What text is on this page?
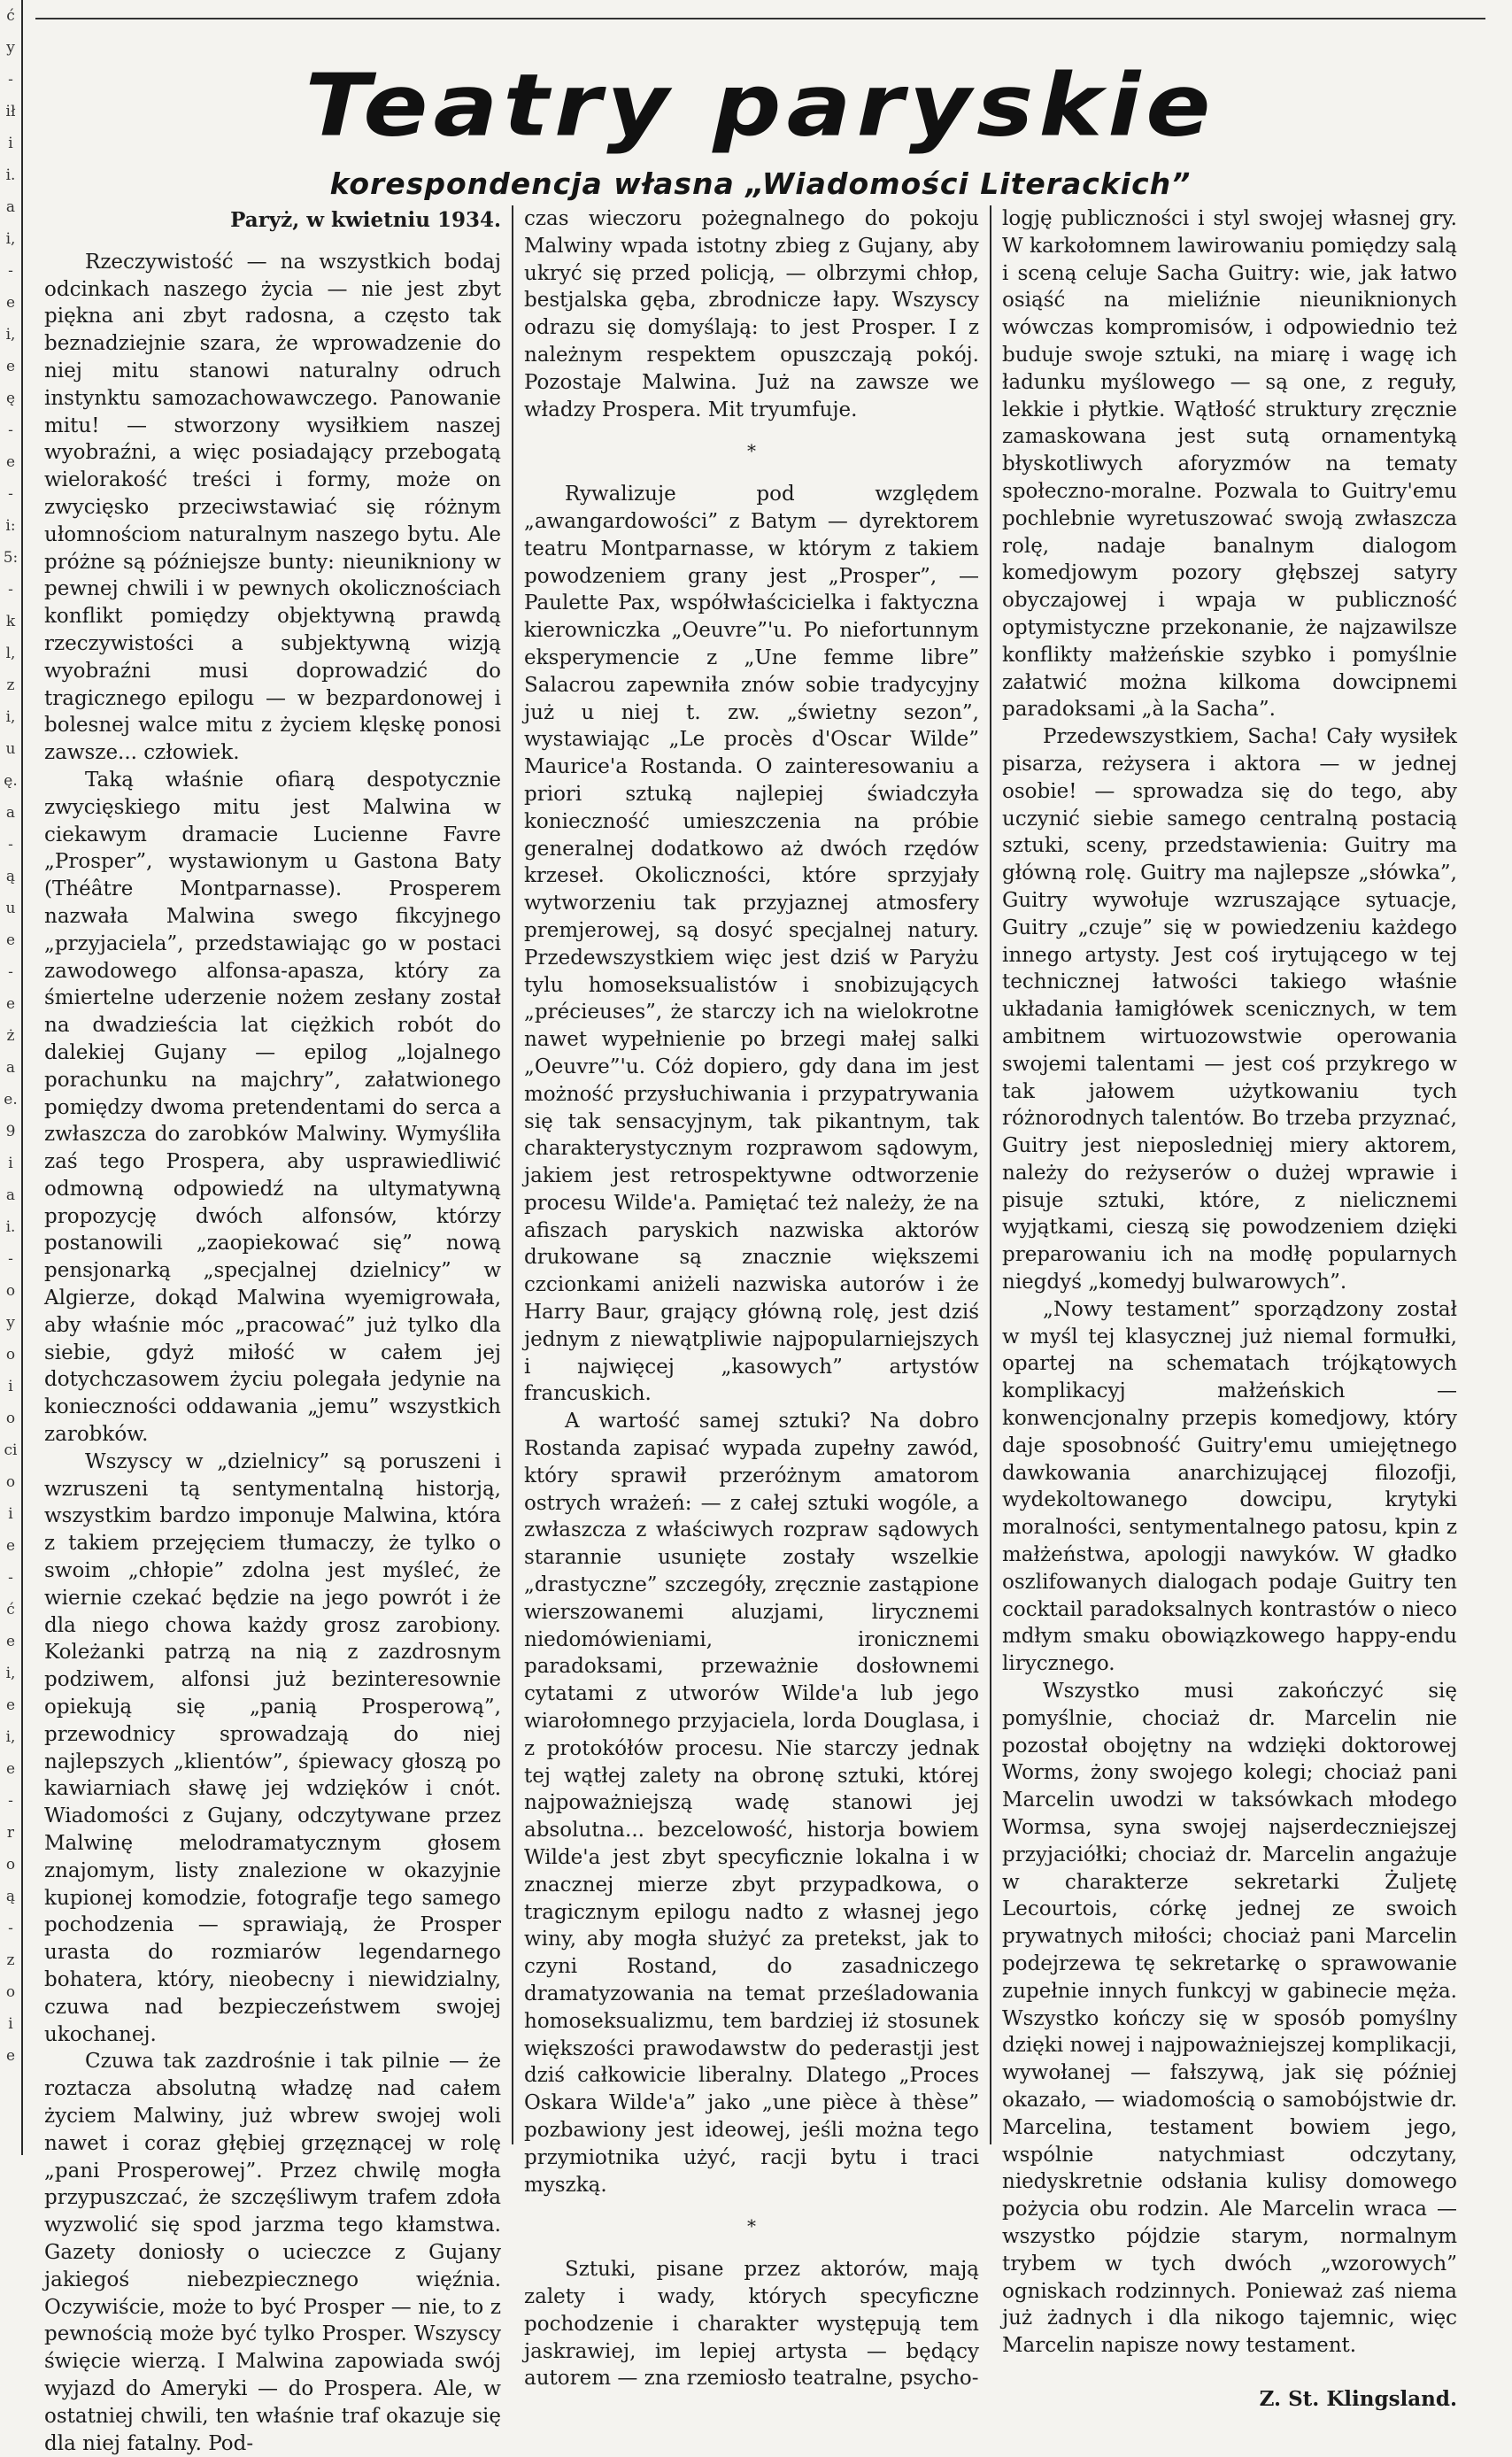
ć
y
-
ił
i
i.
a
i,
-
e
i,
e
ę
-
e
-
i:
5:
-
k
l,
z
i,
u
ę.
a
-
ą
u
e
-
e
ż
a
e.
9
i
a
i.
-
o
y
o
i
o
ci
o
i
e
-
ć
e
i,
e
i,
e
-
r
o
ą
-
z
o
i
e
Teatry paryskie
korespondencja własna „Wiadomości Literackich”
Paryż, w kwietniu 1934.

Rzeczywistość — na wszystkich bodaj odcinkach naszego życia — nie jest zbyt piękna ani zbyt radosna, a często tak beznadziejnie szara, że wprowadzenie do niej mitu stanowi naturalny odruch instynktu samozachowawczego. Panowanie mitu! — stworzony wysiłkiem naszej wyobraźni, a więc posiadający przebogatą wielorakość treści i formy, może on zwycięsko przeciwstawiać się różnym ułomnościom naturalnym naszego bytu. Ale próżne są późniejsze bunty: nieunikniony w pewnej chwili i w pewnych okolicznościach konflikt pomiędzy objektywną prawdą rzeczywistości a subjektywną wizją wyobraźni musi doprowadzić do tragicznego epilogu — w bezpardonowej i bolesnej walce mitu z życiem klęskę ponosi zawsze... człowiek.

Taką właśnie ofiarą despotycznie zwycięskiego mitu jest Malwina w ciekawym dramacie Lucienne Favre „Prosper”, wystawionym u Gastona Baty (Théâtre Montparnasse). Prosperem nazwała Malwina swego fikcyjnego „przyjaciela”, przedstawiając go w postaci zawodowego alfonsa-apasza, który za śmiertelne uderzenie nożem zesłany został na dwadzieścia lat ciężkich robót do dalekiej Gujany — epilog „lojalnego porachunku na majchry”, załatwionego pomiędzy dwoma pretendentami do serca a zwłaszcza do zarobków Malwiny. Wymyśliła zaś tego Prospera, aby usprawiedliwić odmowną odpowiedź na ultymatywną propozycję dwóch alfonsów, którzy postanowili „zaopiekować się” nową pensjonarką „specjalnej dzielnicy” w Algierze, dokąd Malwina wyemigrowała, aby właśnie móc „pracować” już tylko dla siebie, gdyż miłość w całem jej dotychczasowem życiu polegała jedynie na konieczności oddawania „jemu” wszystkich zarobków.

Wszyscy w „dzielnicy” są poruszeni i wzruszeni tą sentymentalną historją, wszystkim bardzo imponuje Malwina, która z takiem przejęciem tłumaczy, że tylko o swoim „chłopie” zdolna jest myśleć, że wiernie czekać będzie na jego powrót i że dla niego chowa każdy grosz zarobiony. Koleżanki patrzą na nią z zazdrosnym podziwem, alfonsi już bezinteresownie opiekują się „panią Prosperową”, przewodnicy sprowadzają do niej najlepszych „klientów”, śpiewacy głoszą po kawiarniach sławę jej wdzięków i cnót. Wiadomości z Gujany, odczytywane przez Malwinę melodramatycznym głosem znajomym, listy znalezione w okazyjnie kupionej komodzie, fotografje tego samego pochodzenia — sprawiają, że Prosper urasta do rozmiarów legendarnego bohatera, który, nieobecny i niewidzialny, czuwa nad bezpieczeństwem swojej ukochanej.

Czuwa tak zazdrośnie i tak pilnie — że roztacza absolutną władzę nad całem życiem Malwiny, już wbrew swojej woli nawet i coraz głębiej grzęznącej w rolę „pani Prosperowej”. Przez chwilę mogła przypuszczać, że szczęśliwym trafem zdoła wyzwolić się spod jarzma tego kłamstwa. Gazety doniosły o ucieczce z Gujany jakiegoś niebezpiecznego więźnia. Oczywiście, może to być Prosper — nie, to z pewnością może być tylko Prosper. Wszyscy święcie wierzą. I Malwina zapowiada swój wyjazd do Ameryki — do Prospera. Ale, w ostatniej chwili, ten właśnie traf okazuje się dla niej fatalny. Pod-

czas wieczoru pożegnalnego do pokoju Malwiny wpada istotny zbieg z Gujany, aby ukryć się przed policją, — olbrzymi chłop, bestjalska gęba, zbrodnicze łapy. Wszyscy odrazu się domyślają: to jest Prosper. I z należnym respektem opuszczają pokój. Pozostaje Malwina. Już na zawsze we władzy Prospera. Mit tryumfuje.

*

Rywalizuje pod względem „awangardowości” z Batym — dyrektorem teatru Montparnasse, w którym z takiem powodzeniem grany jest „Prosper”, — Paulette Pax, współwłaścicielka i faktyczna kierowniczka „Oeuvre”'u. Po niefortunnym eksperymencie z „Une femme libre” Salacrou zapewniła znów sobie tradycyjny już u niej t. zw. „świetny sezon”, wystawiając „Le procès d'Oscar Wilde” Maurice'a Rostanda. O zainteresowaniu a priori sztuką najlepiej świadczyła konieczność umieszczenia na próbie generalnej dodatkowo aż dwóch rzędów krzeseł. Okoliczności, które sprzyjały wytworzeniu tak przyjaznej atmosfery premjerowej, są dosyć specjalnej natury. Przedewszystkiem więc jest dziś w Paryżu tylu homoseksualistów i snobizujących „précieuses”, że starczy ich na wielokrotne nawet wypełnienie po brzegi małej salki „Oeuvre”'u. Cóż dopiero, gdy dana im jest możność przysłuchiwania i przypatrywania się tak sensacyjnym, tak pikantnym, tak charakterystycznym rozprawom sądowym, jakiem jest retrospektywne odtworzenie procesu Wilde'a. Pamiętać też należy, że na afiszach paryskich nazwiska aktorów drukowane są znacznie większemi czcionkami aniżeli nazwiska autorów i że Harry Baur, grający główną rolę, jest dziś jednym z niewątpliwie najpopularniejszych i najwięcej „kasowych” artystów francuskich.

A wartość samej sztuki? Na dobro Rostanda zapisać wypada zupełny zawód, który sprawił przeróżnym amatorom ostrych wrażeń: — z całej sztuki wogóle, a zwłaszcza z właściwych rozpraw sądowych starannie usunięte zostały wszelkie „drastyczne” szczegóły, zręcznie zastąpione wierszowanemi aluzjami, lirycznemi niedomówieniami, ironicznemi paradoksami, przeważnie dosłownemi cytatami z utworów Wilde'a lub jego wiarołomnego przyjaciela, lorda Douglasa, i z protokółów procesu. Nie starczy jednak tej wątłej zalety na obronę sztuki, której najpoważniejszą wadę stanowi jej absolutna... bezcelowość, historja bowiem Wilde'a jest zbyt specyficznie lokalna i w znacznej mierze zbyt przypadkowa, o tragicznym epilogu nadto z własnej jego winy, aby mogła służyć za pretekst, jak to czyni Rostand, do zasadniczego dramatyzowania na temat prześladowania homoseksualizmu, tem bardziej iż stosunek większości prawodawstw do pederastji jest dziś całkowicie liberalny. Dlatego „Proces Oskara Wilde'a” jako „une pièce à thèse” pozbawiony jest ideowej, jeśli można tego przymiotnika użyć, racji bytu i traci myszką.

*

Sztuki, pisane przez aktorów, mają zalety i wady, których specyficzne pochodzenie i charakter występują tem jaskrawiej, im lepiej artysta — będący autorem — zna rzemiosło teatralne, psycho-

logję publiczności i styl swojej własnej gry. W karkołomnem lawirowaniu pomiędzy salą i sceną celuje Sacha Guitry: wie, jak łatwo osiąść na mieliźnie nieuniknionych wówczas kompromisów, i odpowiednio też buduje swoje sztuki, na miarę i wagę ich ładunku myślowego — są one, z reguły, lekkie i płytkie. Wątłość struktury zręcznie zamaskowana jest sutą ornamentyką błyskotliwych aforyzmów na tematy społeczno-moralne. Pozwala to Guitry'emu pochlebnie wyretuszować swoją zwłaszcza rolę, nadaje banalnym dialogom komedjowym pozory głębszej satyry obyczajowej i wpaja w publiczność optymistyczne przekonanie, że najzawilsze konflikty małżeńskie szybko i pomyślnie załatwić można kilkoma dowcipnemi paradoksami „à la Sacha”.

Przedewszystkiem, Sacha! Cały wysiłek pisarza, reżysera i aktora — w jednej osobie! — sprowadza się do tego, aby uczynić siebie samego centralną postacią sztuki, sceny, przedstawienia: Guitry ma główną rolę. Guitry ma najlepsze „słówka”, Guitry wywołuje wzruszające sytuacje, Guitry „czuje” się w powiedzeniu każdego innego artysty. Jest coś irytującego w tej technicznej łatwości takiego właśnie układania łamigłówek scenicznych, w tem ambitnem wirtuozowstwie operowania swojemi talentami — jest coś przykrego w tak jałowem użytkowaniu tych różnorodnych talentów. Bo trzeba przyznać, Guitry jest nieposlednięj miery aktorem, należy do reżyserów o dużej wprawie i pisuje sztuki, które, z nielicznemi wyjątkami, cieszą się powodzeniem dzięki preparowaniu ich na modłę popularnych niegdyś „komedyj bulwarowych”.

„Nowy testament” sporządzony został w myśl tej klasycznej już niemal formułki, opartej na schematach trójkątowych komplikacyj małżeńskich — konwencjonalny przepis komedjowy, który daje sposobność Guitry'emu umiejętnego dawkowania anarchizującej filozofji, wydekoltowanego dowcipu, krytyki moralności, sentymentalnego patosu, kpin z małżeństwa, apologji nawyków. W gładko oszlifowanych dialogach podaje Guitry ten cocktail paradoksalnych kontrastów o nieco mdłym smaku obowiązkowego happy-endu lirycznego.

Wszystko musi zakończyć się pomyślnie, chociaż dr. Marcelin nie pozostał obojętny na wdzięki doktorowej Worms, żony swojego kolegi; chociaż pani Marcelin uwodzi w taksówkach młodego Wormsa, syna swojej najserdeczniejszej przyjaciółki; chociaż dr. Marcelin angażuje w charakterze sekretarki Żuljetę Lecourtois, córkę jednej ze swoich prywatnych miłości; chociaż pani Marcelin podejrzewa tę sekretarkę o sprawowanie zupełnie innych funkcyj w gabinecie męża. Wszystko kończy się w sposób pomyślny dzięki nowej i najpoważniejszej komplikacji, wywołanej — fałszywą, jak się później okazało, — wiadomością o samobójstwie dr. Marcelina, testament bowiem jego, wspólnie natychmiast odczytany, niedyskretnie odsłania kulisy domowego pożycia obu rodzin. Ale Marcelin wraca — wszystko pójdzie starym, normalnym trybem w tych dwóch „wzorowych” ogniskach rodzinnych. Ponieważ zaś niema już żadnych i dla nikogo tajemnic, więc Marcelin napisze nowy testament.

Z. St. Klingsland.
